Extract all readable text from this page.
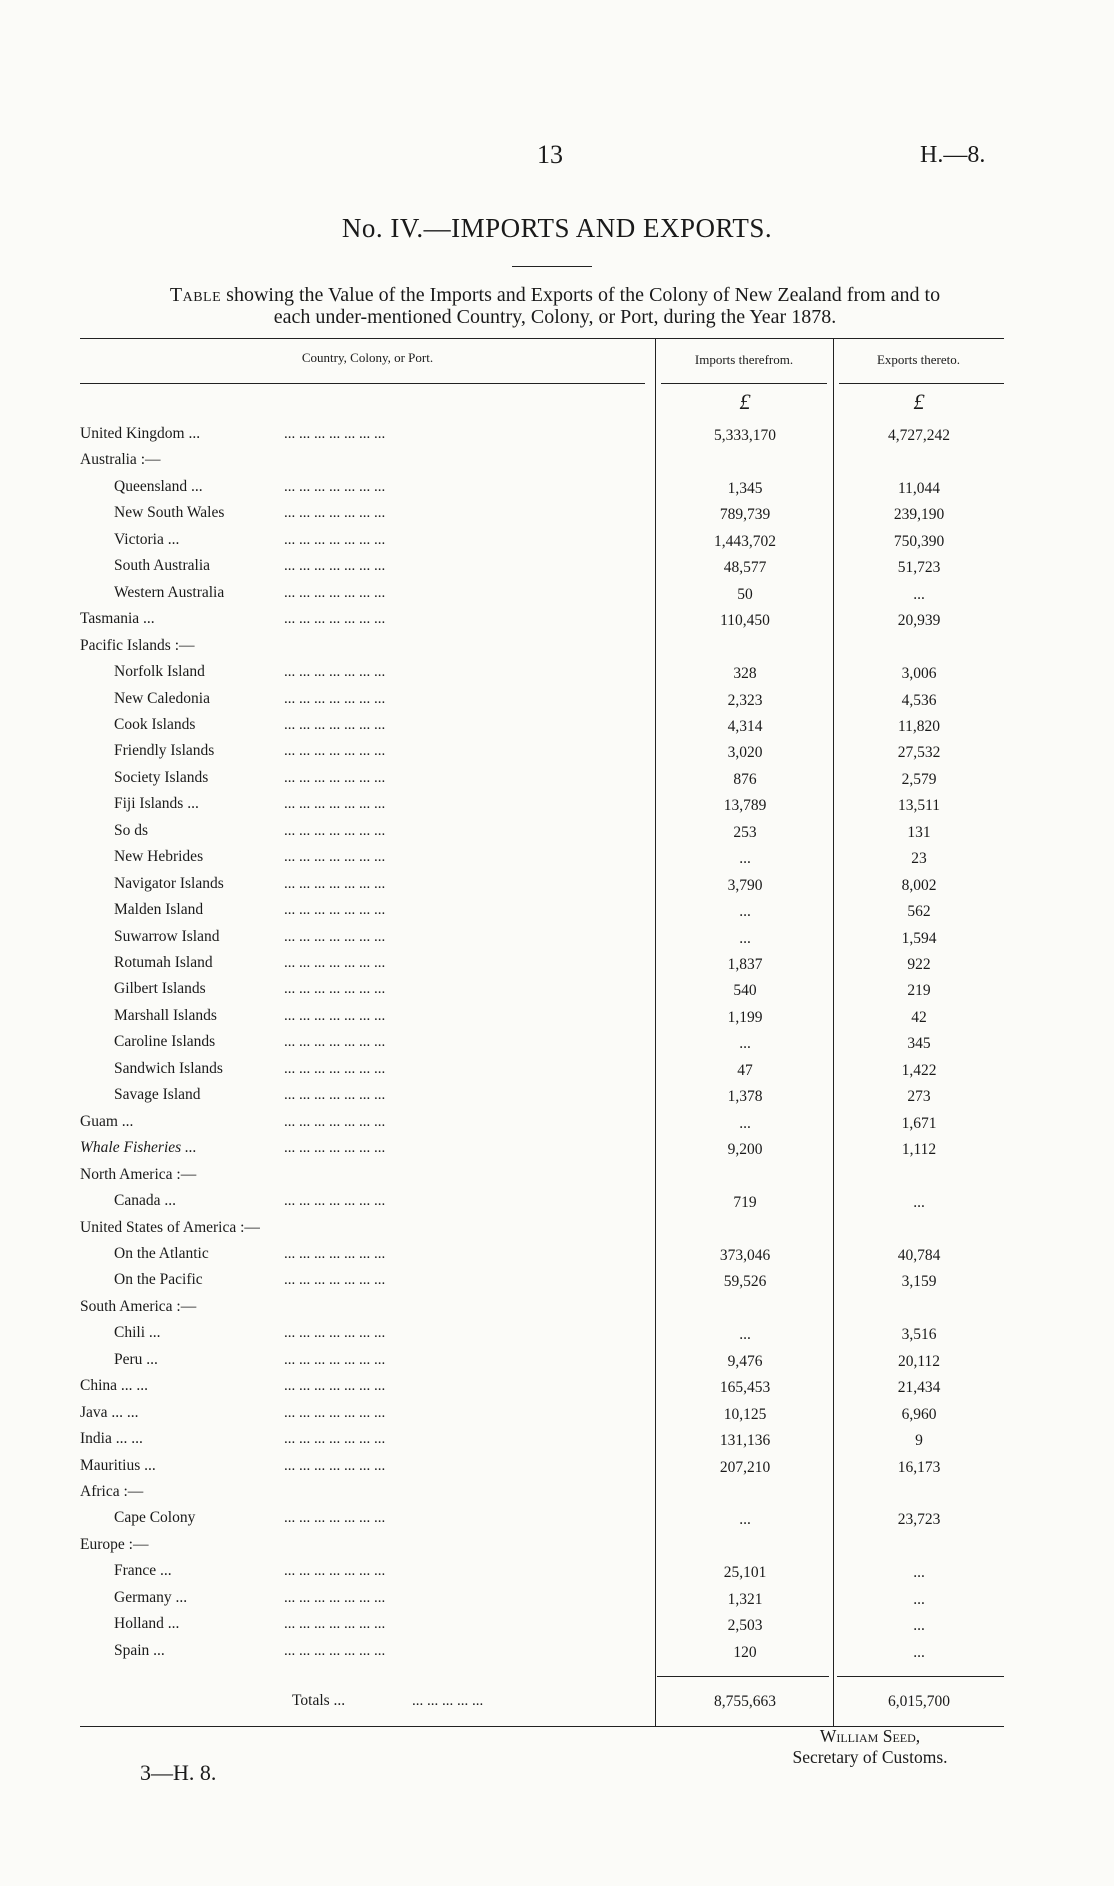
13	H.—8.
No. IV.—IMPORTS AND EXPORTS.
Table showing the Value of the Imports and Exports of the Colony of New Zealand from and to
each under-mentioned Country, Colony, or Port, during the Year 1878.
William Seed,
Secretary of Customs.
3—H. 8.
Country, Colony, or Port.	Imports therefrom.	Exports thereto.
£	£
United Kingdom ...	... ... ... ... ... ... ...	5,333,170	4,727,242
Australia :—
Queensland ...	... ... ... ... ... ... ...	1,345	11,044
New South Wales	... ... ... ... ... ... ...	789,739	239,190
Victoria ...	... ... ... ... ... ... ...	1,443,702	750,390
South Australia	... ... ... ... ... ... ...	48,577	51,723
Western Australia	... ... ... ... ... ... ...	50	...
Tasmania ...	... ... ... ... ... ... ...	110,450	20,939
Pacific Islands :—
Norfolk Island	... ... ... ... ... ... ...	328	3,006
New Caledonia	... ... ... ... ... ... ...	2,323	4,536
Cook Islands	... ... ... ... ... ... ...	4,314	11,820
Friendly Islands	... ... ... ... ... ... ...	3,020	27,532
Society Islands	... ... ... ... ... ... ...	876	2,579
Fiji Islands ...	... ... ... ... ... ... ...	13,789	13,511
So ds	... ... ... ... ... ... ...	253	131
New Hebrides	... ... ... ... ... ... ...	...	23
Navigator Islands	... ... ... ... ... ... ...	3,790	8,002
Malden Island	... ... ... ... ... ... ...	...	562
Suwarrow Island	... ... ... ... ... ... ...	...	1,594
Rotumah Island	... ... ... ... ... ... ...	1,837	922
Gilbert Islands	... ... ... ... ... ... ...	540	219
Marshall Islands	... ... ... ... ... ... ...	1,199	42
Caroline Islands	... ... ... ... ... ... ...	...	345
Sandwich Islands	... ... ... ... ... ... ...	47	1,422
Savage Island	... ... ... ... ... ... ...	1,378	273
Guam ...	... ... ... ... ... ... ...	...	1,671
Whale Fisheries ...	... ... ... ... ... ... ...	9,200	1,112
North America :—
Canada ...	... ... ... ... ... ... ...	719	...
United States of America :—
On the Atlantic	... ... ... ... ... ... ...	373,046	40,784
On the Pacific	... ... ... ... ... ... ...	59,526	3,159
South America :—
Chili ...	... ... ... ... ... ... ...	...	3,516
Peru ...	... ... ... ... ... ... ...	9,476	20,112
China ... ...	... ... ... ... ... ... ...	165,453	21,434
Java ... ...	... ... ... ... ... ... ...	10,125	6,960
India ... ...	... ... ... ... ... ... ...	131,136	9
Mauritius ...	... ... ... ... ... ... ...	207,210	16,173
Africa :—
Cape Colony	... ... ... ... ... ... ...	...	23,723
Europe :—
France ...	... ... ... ... ... ... ...	25,101	...
Germany ...	... ... ... ... ... ... ...	1,321	...
Holland ...	... ... ... ... ... ... ...	2,503	...
Spain ...	... ... ... ... ... ... ...	120	...
Totals ...	... ... ... ... ...	8,755,663	6,015,700
